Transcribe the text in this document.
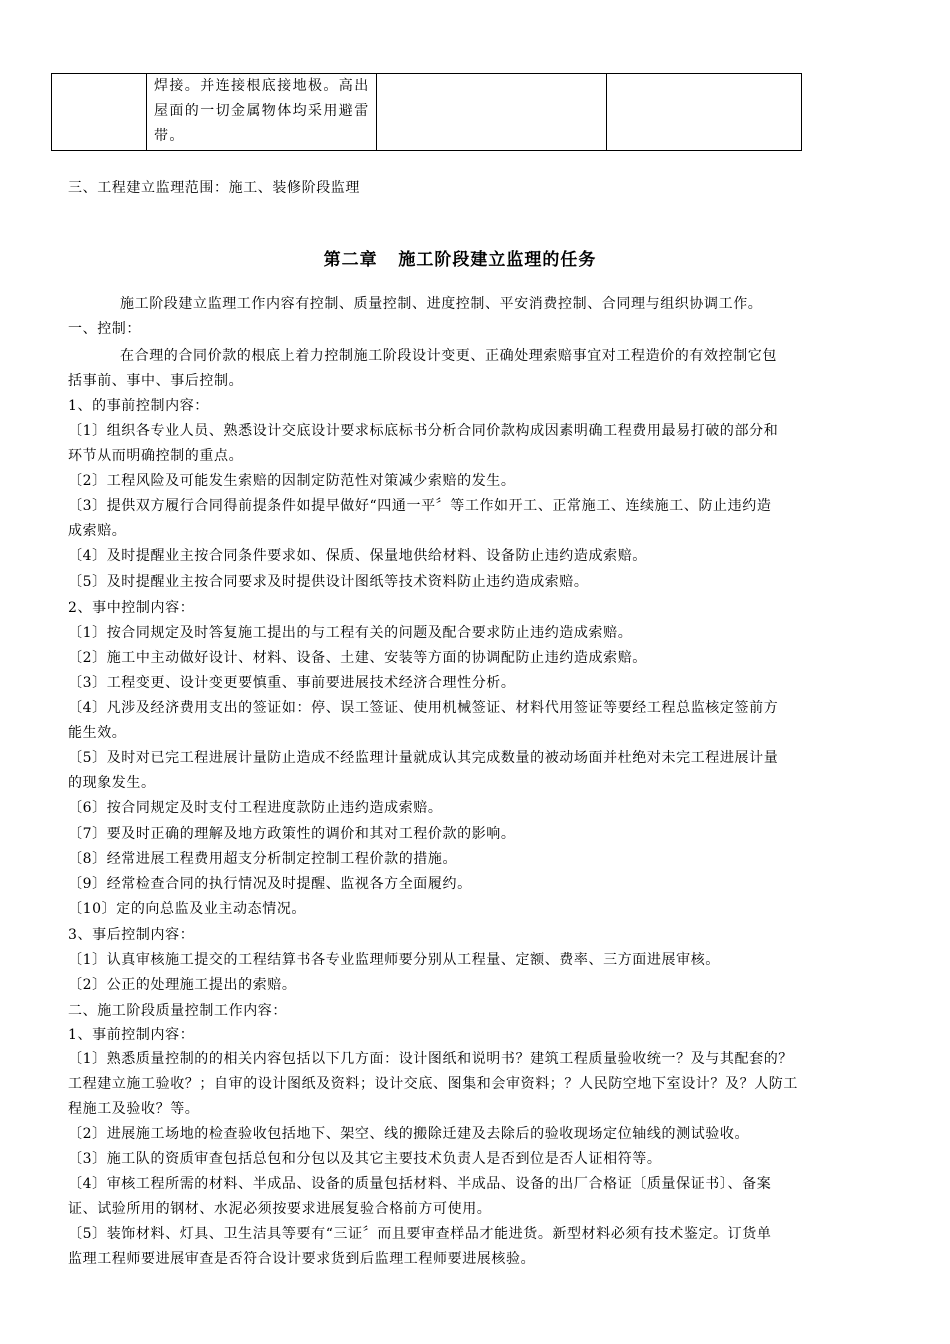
焊接。并连接根底接地极。高出
屋面的一切金属物体均采用避雷
带。

三、工程建立监理范围：施工、装修阶段监理
第二章   施工阶段建立监理的任务
施工阶段建立监理工作内容有控制、质量控制、进度控制、平安消费控制、合同理与组织协调工作。
一、控制：
在合理的合同价款的根底上着力控制施工阶段设计变更、正确处理索赔事宜对工程造价的有效控制它包
括事前、事中、事后控制。
1、的事前控制内容：
〔1〕组织各专业人员、熟悉设计交底设计要求标底标书分析合同价款构成因素明确工程费用最易打破的部分和
环节从而明确控制的重点。
〔2〕工程风险及可能发生索赔的因制定防范性对策减少索赔的发生。
〔3〕提供双方履行合同得前提条件如提早做好“四通一平〞等工作如开工、正常施工、连续施工、防止违约造
成索赔。
〔4〕及时提醒业主按合同条件要求如、保质、保量地供给材料、设备防止违约造成索赔。
〔5〕及时提醒业主按合同要求及时提供设计图纸等技术资料防止违约造成索赔。
2、事中控制内容：
〔1〕按合同规定及时答复施工提出的与工程有关的问题及配合要求防止违约造成索赔。
〔2〕施工中主动做好设计、材料、设备、土建、安装等方面的协调配防止违约造成索赔。
〔3〕工程变更、设计变更要慎重、事前要进展技术经济合理性分析。
〔4〕凡涉及经济费用支出的签证如：停、误工签证、使用机械签证、材料代用签证等要经工程总监核定签前方
能生效。
〔5〕及时对已完工程进展计量防止造成不经监理计量就成认其完成数量的被动场面并杜绝对未完工程进展计量
的现象发生。
〔6〕按合同规定及时支付工程进度款防止违约造成索赔。
〔7〕要及时正确的理解及地方政策性的调价和其对工程价款的影响。
〔8〕经常进展工程费用超支分析制定控制工程价款的措施。
〔9〕经常检查合同的执行情况及时提醒、监视各方全面履约。
〔10〕定的向总监及业主动态情况。
3、事后控制内容：
〔1〕认真审核施工提交的工程结算书各专业监理师要分别从工程量、定额、费率、三方面进展审核。
〔2〕公正的处理施工提出的索赔。
二、施工阶段质量控制工作内容：
1、事前控制内容：
〔1〕熟悉质量控制的的相关内容包括以下几方面：设计图纸和说明书？建筑工程质量验收统一？及与其配套的？
工程建立施工验收？；自审的设计图纸及资料；设计交底、图集和会审资料；？人民防空地下室设计？及？人防工
程施工及验收？等。
〔2〕进展施工场地的检查验收包括地下、架空、线的搬除迁建及去除后的验收现场定位轴线的测试验收。
〔3〕施工队的资质审查包括总包和分包以及其它主要技术负责人是否到位是否人证相符等。
〔4〕审核工程所需的材料、半成品、设备的质量包括材料、半成品、设备的出厂合格证〔质量保证书〕、备案
证、试验所用的钢材、水泥必须按要求进展复验合格前方可使用。
〔5〕装饰材料、灯具、卫生洁具等要有“三证〞而且要审查样品才能进货。新型材料必须有技术鉴定。订货单
监理工程师要进展审查是否符合设计要求货到后监理工程师要进展核验。
